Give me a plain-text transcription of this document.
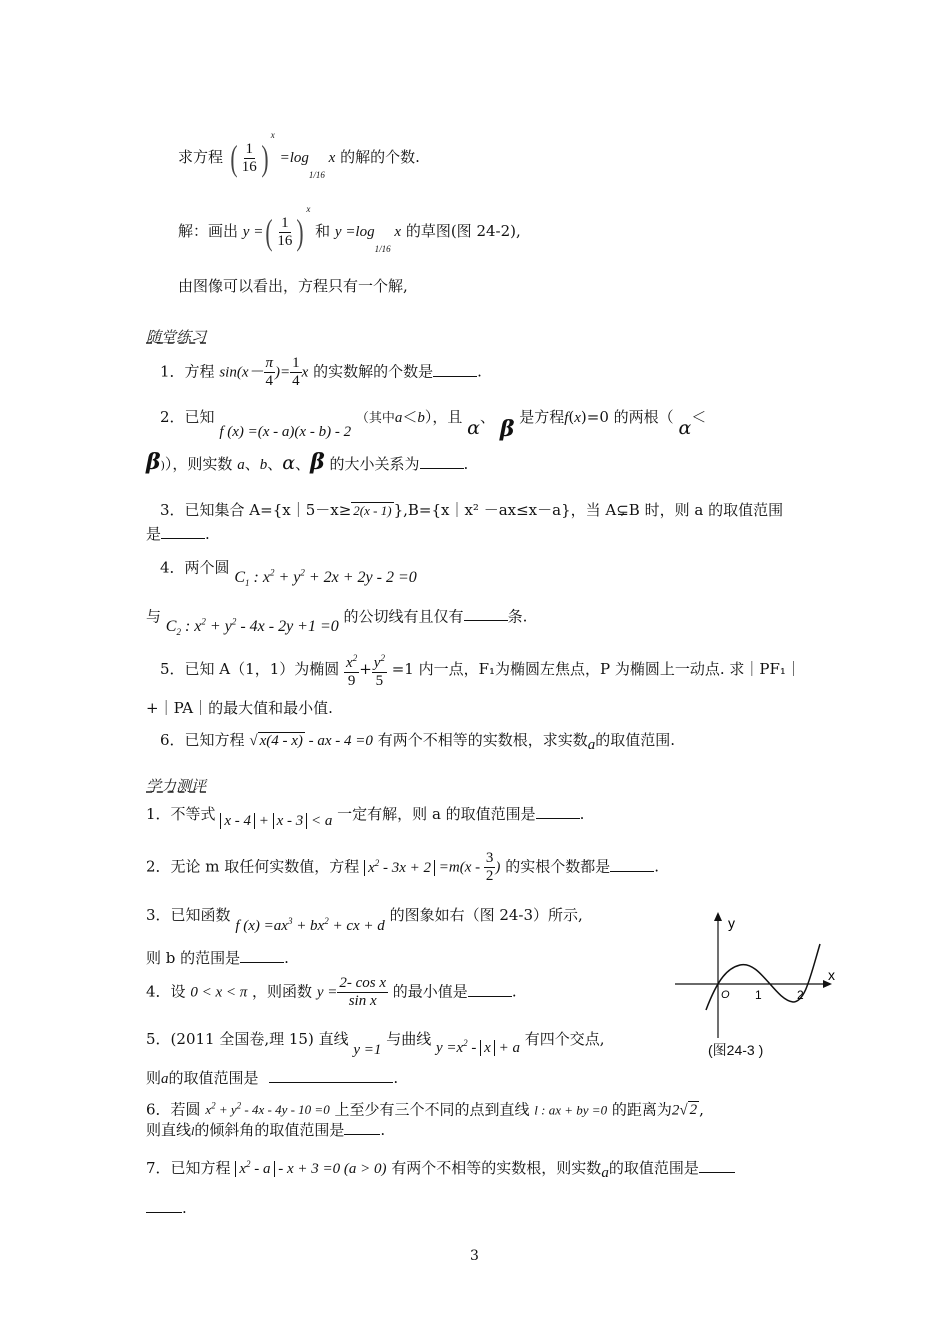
求方程 ( $\frac{1}{16} )^x =\log_{1/16}$ x 的解的个数.
解：画出 y =( $\frac{1}{16} )^x$ 和 $y =\log_{1/16}$ x 的草图(图 24-2),
由图像可以看出，方程只有一个解,
随堂练习
1．方程 $\sin(x- \frac{\pi}{4}$ )= $\frac{1}{4}$ x 的实数解的个数是	.
2．已知 f (x) =(x - a)(x - b) - 2 （其中a＜b），且 α、 β 是方程f(x)=0 的两根（ α＜
β)），则实数 a、b、α、β 的大小关系为	.
3．已知集合 A={x｜5－x≥ 2(x - 1) },B={x｜x² －ax≤x－a}，当 A⊊B 时，则 a 的取值范围
是	.
4．两个圆 $C_1$ : $x^2 + y^2 + 2x + 2y - 2 =0$
与 $C_2$ : $x^2 + y^2 - 4x - 2y +1 =0$ 的公切线有且仅有	条.
5．已知 A（1，1）为椭圆 $\frac{x^2}{9} + \frac{y^2}{5} =1$ 内一点，F₁为椭圆左焦点，P 为椭圆上一动点. 求｜PF₁｜
+｜PA｜的最大值和最小值.
6．已知方程 √ x(4 - x) - ax - 4 =0 有两个不相等的实数根，求实数a的取值范围.
学力测评
1．不等式 x - 4 + x - 3 < a 一定有解，则 a 的取值范围是	.
2．无论 m 取任何实数值，方程 $x^2 - 3x + 2 =m(x - \frac{3}{2}$ ) 的实根个数都是	.
3．已知函数 f $(x) =ax^3 + bx^2$ + cx + d 的图象如右（图 24-3）所示,
则 b 的范围是	.
4．设 0 < x < π ，则函数 $y = \frac{\text{2- cos x}}{\text{sin x}}$ 的最小值是	.
5．(2011 全国卷,理 15) 直线 y =1 与曲线 $y =x^2 - x + a$ 有四个交点,
则a的取值范围是	.
6．若圆 $x^2 + y^2 - 4x - 4y - 10 =0$ 上至少有三个不同的点到直线 l : ax + by =0 的距离为2√ 2 ,
则直线l的倾斜角的取值范围是 .
7．已知方程 $x^2 - a - x + 3 =0$ (a > 0) 有两个不相等的实数根，则实数a的取值范围是
.
y
x
O 1	2
(图24-3 )
3
